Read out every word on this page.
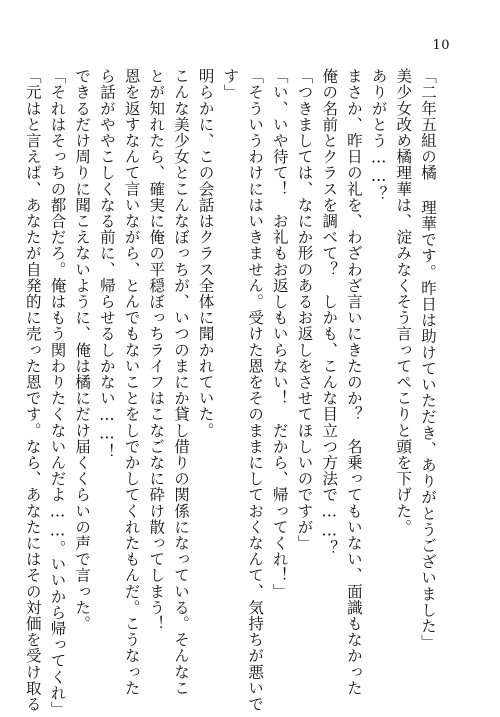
10
「二年五組の橘 理華です。昨日は助けていただき、ありがとうございました」
美少女改め橘理華は、淀みなくそう言ってぺこりと頭を下げた。
ありがとう……？
まさか、昨日の礼を、わざわざ言いにきたのか？　名乗ってもいない、面識もなかった
俺の名前とクラスを調べて？　しかも、こんな目立つ方法で……？
「つきましては、なにか形のあるお返しをさせてほしいのですが」
「い、いや待て！　お礼もお返しもいらない！　だから、帰ってくれ！」
「そういうわけにはいきません。受けた恩をそのままにしておくなんて、気持ちが悪いで
す」
明らかに、この会話はクラス全体に聞かれていた。
こんな美少女とこんなぼっちが、いつのまにか貸し借りの関係になっている。そんなこ
とが知れたら、確実に俺の平穏ぼっちライフはこなごなに砕け散ってしまう！
恩を返すなんて言いながら、とんでもないことをしでかしてくれたもんだ。こうなった
ら話がややこしくなる前に、帰らせるしかない……！
できるだけ周りに聞こえないように、俺は橘にだけ届くくらいの声で言った。
「それはそっちの都合だろ。俺はもう関わりたくないんだよ……。いいから帰ってくれ」
「元はと言えば、あなたが自発的に売った恩です。なら、あなたにはその対価を受け取る
